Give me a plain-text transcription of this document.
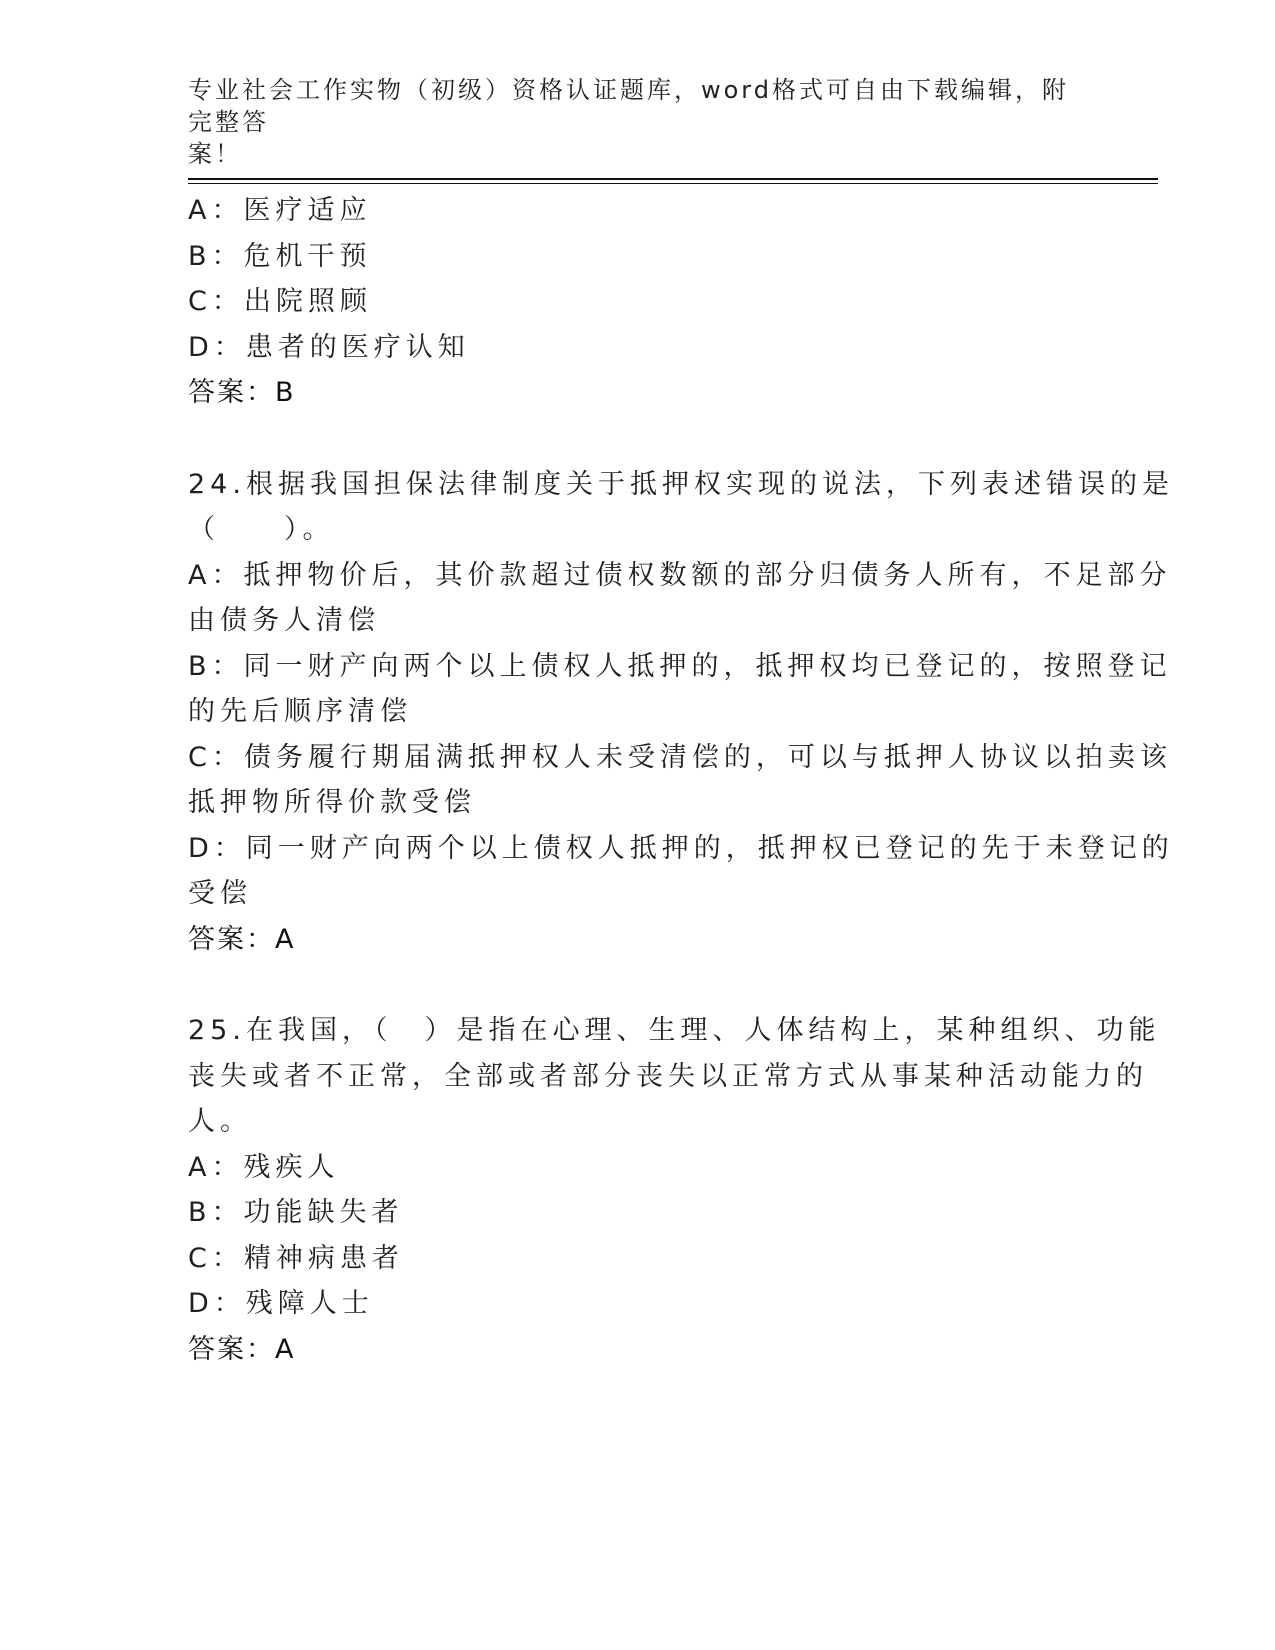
专业社会工作实物（初级）资格认证题库，word格式可自由下载编辑，附完整答
案！
A：医疗适应
B：危机干预
C：出院照顾
D：患者的医疗认知
答案：B
24.根据我国担保法律制度关于抵押权实现的说法，下列表述错误的是
（　　）。
A：抵押物价后，其价款超过债权数额的部分归债务人所有，不足部分
由债务人清偿
B：同一财产向两个以上债权人抵押的，抵押权均已登记的，按照登记
的先后顺序清偿
C：债务履行期届满抵押权人未受清偿的，可以与抵押人协议以拍卖该
抵押物所得价款受偿
D：同一财产向两个以上债权人抵押的，抵押权已登记的先于未登记的
受偿
答案：A
25.在我国，（　）是指在心理、生理、人体结构上，某种组织、功能
丧失或者不正常，全部或者部分丧失以正常方式从事某种活动能力的
人。
A：残疾人
B：功能缺失者
C：精神病患者
D：残障人士
答案：A
